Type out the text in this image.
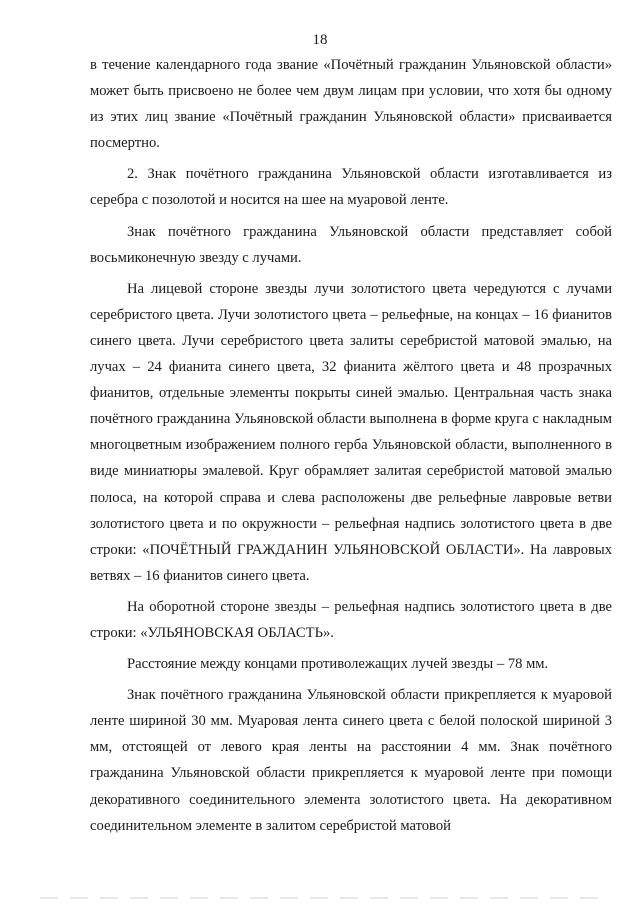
18

в течение календарного года звание «Почётный гражданин Ульяновской области» может быть присвоено не более чем двум лицам при условии, что хотя бы одному из этих лиц звание «Почётный гражданин Ульяновской области» присваивается посмертно.

2. Знак почётного гражданина Ульяновской области изготавливается из серебра с позолотой и носится на шее на муаровой ленте.

Знак почётного гражданина Ульяновской области представляет собой восьмиконечную звезду с лучами.

На лицевой стороне звезды лучи золотистого цвета чередуются с лучами серебристого цвета. Лучи золотистого цвета – рельефные, на концах – 16 фианитов синего цвета. Лучи серебристого цвета залиты серебристой матовой эмалью, на лучах – 24 фианита синего цвета, 32 фианита жёлтого цвета и 48 прозрачных фианитов, отдельные элементы покрыты синей эмалью. Центральная часть знака почётного гражданина Ульяновской области выполнена в форме круга с накладным многоцветным изображением полного герба Ульяновской области, выполненного в виде миниатюры эмалевой. Круг обрамляет залитая серебристой матовой эмалью полоса, на которой справа и слева расположены две рельефные лавровые ветви золотистого цвета и по окружности – рельефная надпись золотистого цвета в две строки: «ПОЧЁТНЫЙ ГРАЖДАНИН УЛЬЯНОВСКОЙ ОБЛАСТИ». На лавровых ветвях – 16 фианитов синего цвета.

На оборотной стороне звезды – рельефная надпись золотистого цвета в две строки: «УЛЬЯНОВСКАЯ ОБЛАСТЬ».

Расстояние между концами противолежащих лучей звезды – 78 мм.

Знак почётного гражданина Ульяновской области прикрепляется к муаровой ленте шириной 30 мм. Муаровая лента синего цвета с белой полоской шириной 3 мм, отстоящей от левого края ленты на расстоянии 4 мм. Знак почётного гражданина Ульяновской области прикрепляется к муаровой ленте при помощи декоративного соединительного элемента золотистого цвета. На декоративном соединительном элементе в залитом серебристой матовой
